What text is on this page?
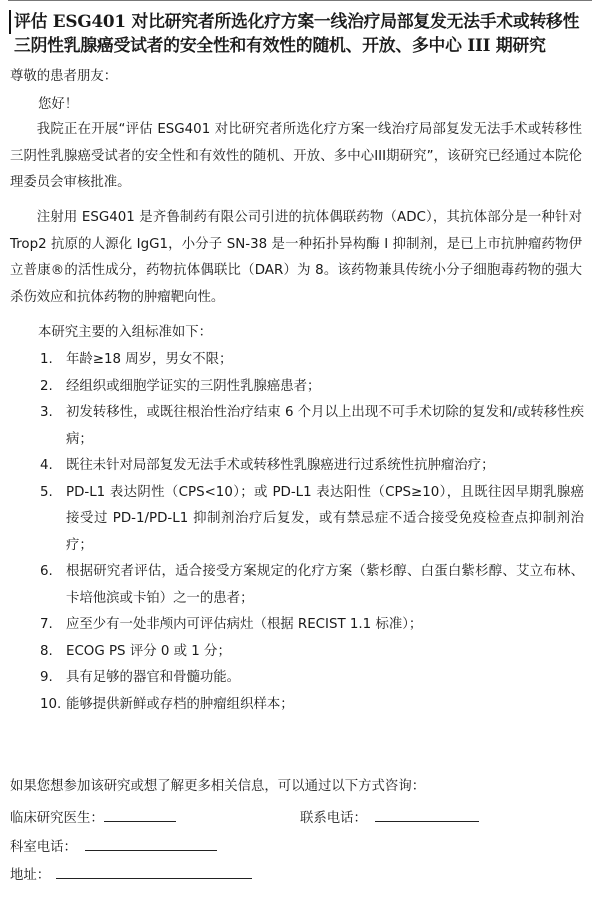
评估 ESG401 对比研究者所选化疗方案一线治疗局部复发无法手术或转移性三阴性乳腺癌受试者的安全性和有效性的随机、开放、多中心 III 期研究

尊敬的患者朋友：

您好！

我院正在开展“评估 ESG401 对比研究者所选化疗方案一线治疗局部复发无法手术或转移性三阴性乳腺癌受试者的安全性和有效性的随机、开放、多中心III期研究”，该研究已经通过本院伦理委员会审核批准。

注射用 ESG401 是齐鲁制药有限公司引进的抗体偶联药物（ADC），其抗体部分是一种针对 Trop2 抗原的人源化 IgG1，小分子 SN-38 是一种拓扑异构酶 I 抑制剂，是已上市抗肿瘤药物伊立普康®的活性成分，药物抗体偶联比（DAR）为 8。该药物兼具传统小分子细胞毒药物的强大杀伤效应和抗体药物的肿瘤靶向性。

本研究主要的入组标准如下：

1. 年龄≥18 周岁，男女不限；
2. 经组织或细胞学证实的三阴性乳腺癌患者；
3. 初发转移性，或既往根治性治疗结束 6 个月以上出现不可手术切除的复发和/或转移性疾病；
4. 既往未针对局部复发无法手术或转移性乳腺癌进行过系统性抗肿瘤治疗；
5. PD-L1 表达阴性（CPS<10）；或 PD-L1 表达阳性（CPS≥10），且既往因早期乳腺癌接受过 PD-1/PD-L1 抑制剂治疗后复发，或有禁忌症不适合接受免疫检查点抑制剂治疗；
6. 根据研究者评估，适合接受方案规定的化疗方案（紫杉醇、白蛋白紫杉醇、艾立布林、卡培他滨或卡铂）之一的患者；
7. 应至少有一处非颅内可评估病灶（根据 RECIST 1.1 标准）；
8. ECOG PS 评分 0 或 1 分；
9. 具有足够的器官和骨髓功能。
10. 能够提供新鲜或存档的肿瘤组织样本；

如果您想参加该研究或想了解更多相关信息，可以通过以下方式咨询：

临床研究医生：	联系电话：
科室电话：
地址：
